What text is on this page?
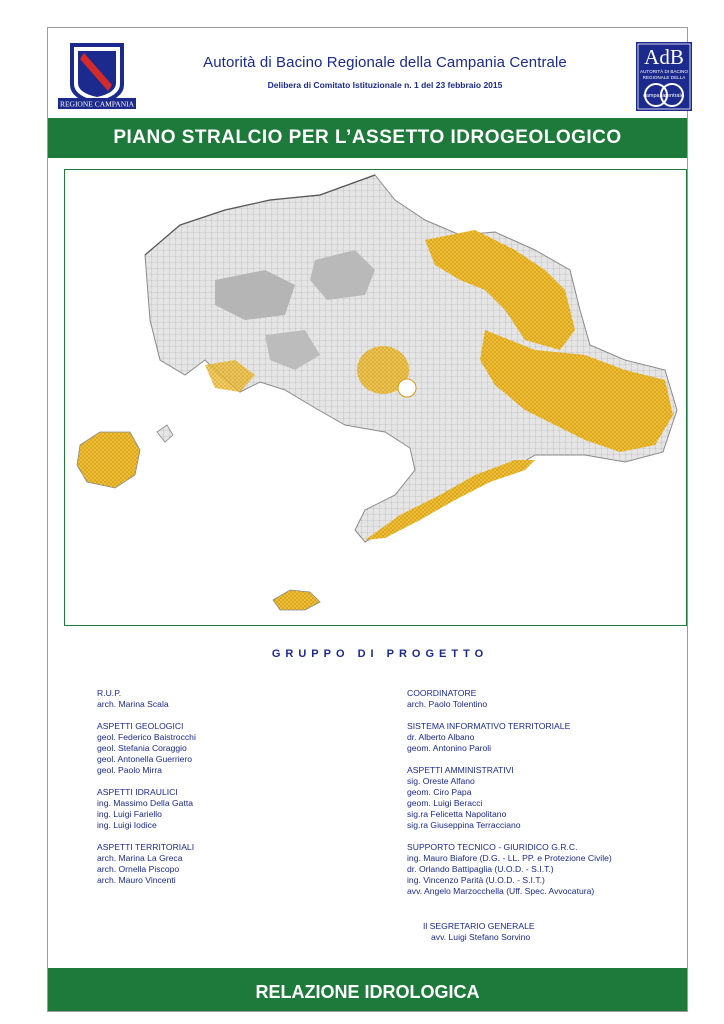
REGIONE CAMPANIA
AdB
AUTORITÀ DI BACINO
REGIONALE DELLA
campania
centrale
Autorità di Bacino Regionale della Campania Centrale
Delibera di Comitato Istituzionale n. 1 del 23 febbraio 2015
PIANO STRALCIO PER L’ASSETTO IDROGEOLOGICO
GRUPPO DI PROGETTO
R.U.P.
arch. Marina Scala
ASPETTI GEOLOGICI
geol. Federico Baistrocchi
geol. Stefania Coraggio
geol. Antonella Guerriero
geol. Paolo Mirra
ASPETTI IDRAULICI
ing. Massimo Della Gatta
ing. Luigi Fariello
ing. Luigi Iodice
ASPETTI TERRITORIALI
arch. Marina La Greca
arch. Ornella Piscopo
arch. Mauro Vincenti
COORDINATORE
arch. Paolo Tolentino
SISTEMA INFORMATIVO TERRITORIALE
dr. Alberto Albano
geom. Antonino Paroli
ASPETTI AMMINISTRATIVI
sig. Oreste Alfano
geom. Ciro Papa
geom. Luigi Beracci
sig.ra Felicetta Napolitano
sig.ra Giuseppina Terracciano
SUPPORTO TECNICO - GIURIDICO G.R.C.
ing. Mauro Biafore (D.G. - LL. PP. e Protezione Civile)
dr. Orlando Battipaglia (U.O.D. - S.I.T.)
ing. Vincenzo Parità (U.O.D. - S.I.T.)
avv. Angelo Marzocchella (Uff. Spec. Avvocatura)
Il SEGRETARIO GENERALE
avv. Luigi Stefano Sorvino
RELAZIONE IDROLOGICA
